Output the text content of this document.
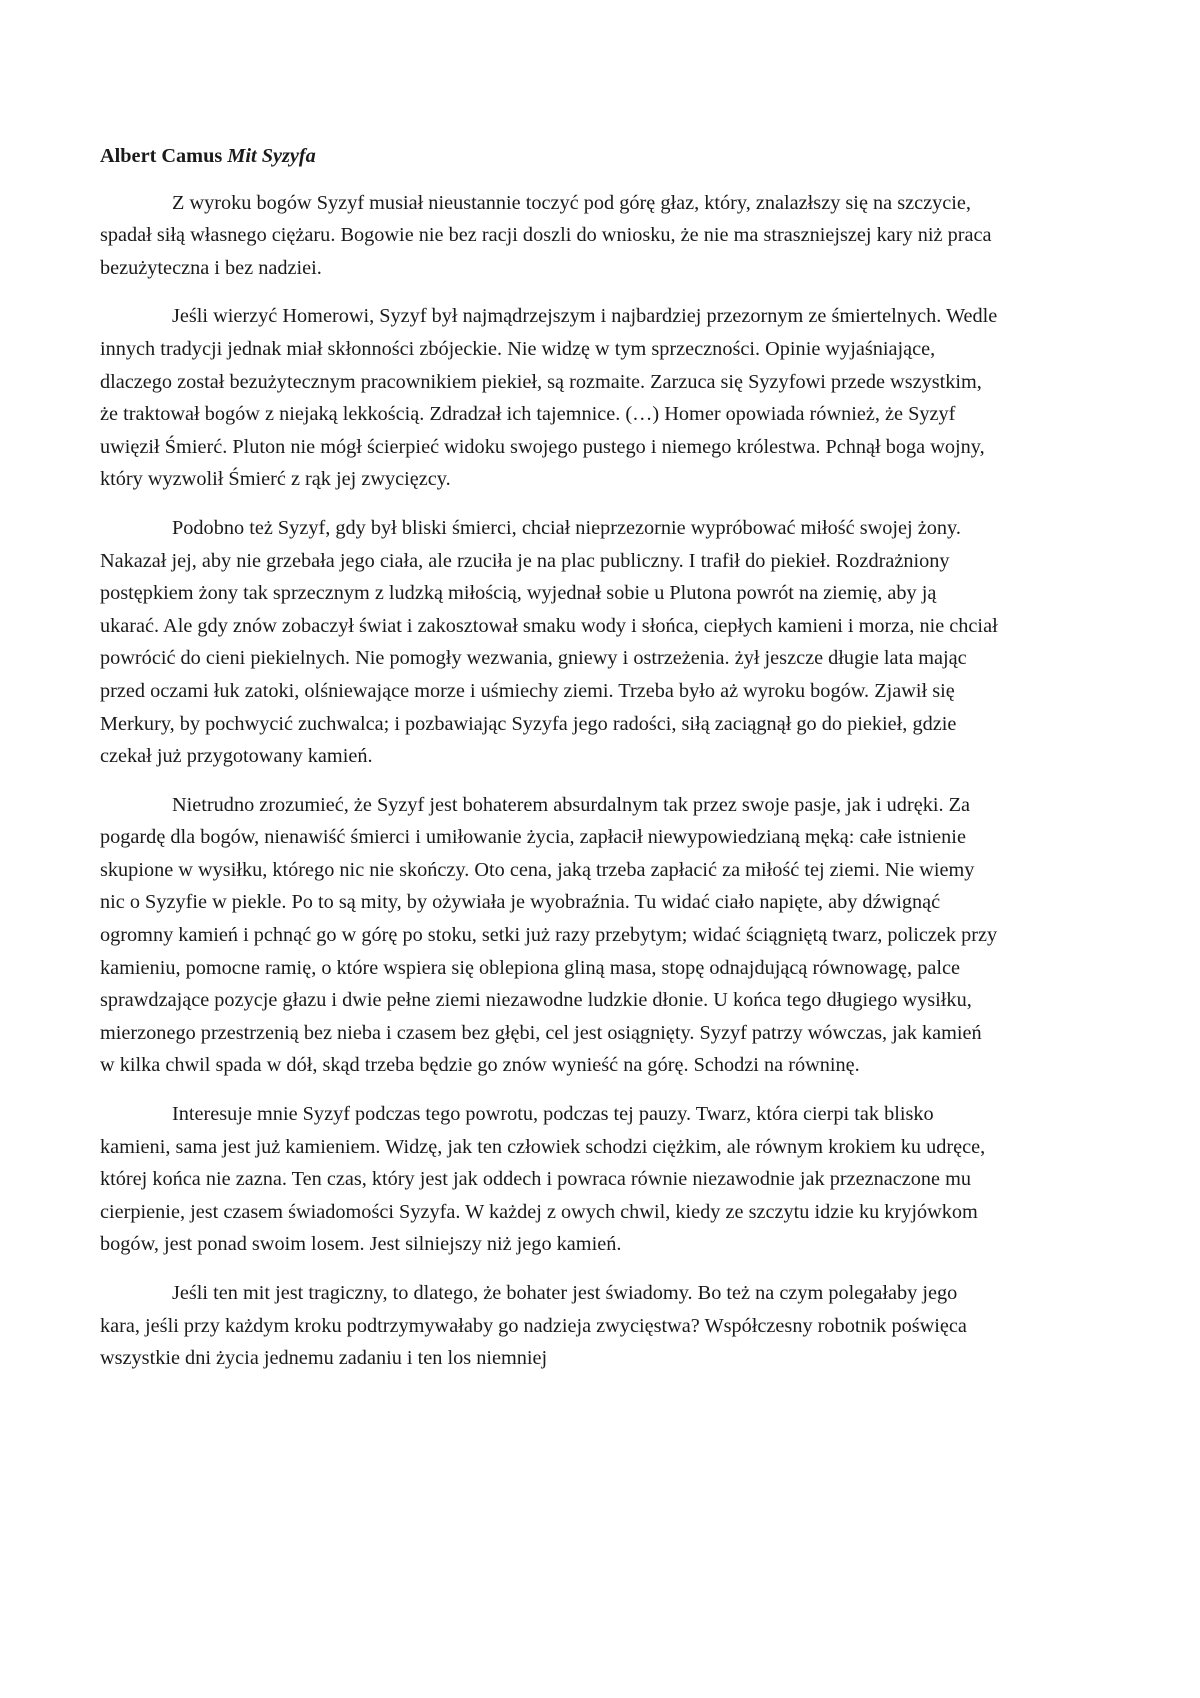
Albert Camus Mit Syzyfa

Z wyroku bogów Syzyf musiał nieustannie toczyć pod górę głaz, który, znalazłszy się na szczycie, spadał siłą własnego ciężaru. Bogowie nie bez racji doszli do wniosku, że nie ma straszniejszej kary niż praca bezużyteczna i bez nadziei.

Jeśli wierzyć Homerowi, Syzyf był najmądrzejszym i najbardziej przezornym ze śmiertelnych. Wedle innych tradycji jednak miał skłonności zbójeckie. Nie widzę w tym sprzeczności. Opinie wyjaśniające, dlaczego został bezużytecznym pracownikiem piekieł, są rozmaite. Zarzuca się Syzyfowi przede wszystkim, że traktował bogów z niejaką lekkością. Zdradzał ich tajemnice. (…) Homer opowiada również, że Syzyf uwięził Śmierć. Pluton nie mógł ścierpieć widoku swojego pustego i niemego królestwa. Pchnął boga wojny, który wyzwolił Śmierć z rąk jej zwycięzcy.

Podobno też Syzyf, gdy był bliski śmierci, chciał nieprzezornie wypróbować miłość swojej żony. Nakazał jej, aby nie grzebała jego ciała, ale rzuciła je na plac publiczny. I trafił do piekieł. Rozdrażniony postępkiem żony tak sprzecznym z ludzką miłością, wyjednał sobie u Plutona powrót na ziemię, aby ją ukarać. Ale gdy znów zobaczył świat i zakosztował smaku wody i słońca, ciepłych kamieni i morza, nie chciał powrócić do cieni piekielnych. Nie pomogły wezwania, gniewy i ostrzeżenia. żył jeszcze długie lata mając przed oczami łuk zatoki, olśniewające morze i uśmiechy ziemi. Trzeba było aż wyroku bogów. Zjawił się Merkury, by pochwycić zuchwalca; i pozbawiając Syzyfa jego radości, siłą zaciągnął go do piekieł, gdzie czekał już przygotowany kamień.

Nietrudno zrozumieć, że Syzyf jest bohaterem absurdalnym tak przez swoje pasje, jak i udręki. Za pogardę dla bogów, nienawiść śmierci i umiłowanie życia, zapłacił niewypowiedzianą męką: całe istnienie skupione w wysiłku, którego nic nie skończy. Oto cena, jaką trzeba zapłacić za miłość tej ziemi. Nie wiemy nic o Syzyfie w piekle. Po to są mity, by ożywiała je wyobraźnia. Tu widać ciało napięte, aby dźwignąć ogromny kamień i pchnąć go w górę po stoku, setki już razy przebytym; widać ściągniętą twarz, policzek przy kamieniu, pomocne ramię, o które wspiera się oblepiona gliną masa, stopę odnajdującą równowagę, palce sprawdzające pozycje głazu i dwie pełne ziemi niezawodne ludzkie dłonie. U końca tego długiego wysiłku, mierzonego przestrzenią bez nieba i czasem bez głębi, cel jest osiągnięty. Syzyf patrzy wówczas, jak kamień w kilka chwil spada w dół, skąd trzeba będzie go znów wynieść na górę. Schodzi na równinę.

Interesuje mnie Syzyf podczas tego powrotu, podczas tej pauzy. Twarz, która cierpi tak blisko kamieni, sama jest już kamieniem. Widzę, jak ten człowiek schodzi ciężkim, ale równym krokiem ku udręce, której końca nie zazna. Ten czas, który jest jak oddech i powraca równie niezawodnie jak przeznaczone mu cierpienie, jest czasem świadomości Syzyfa. W każdej z owych chwil, kiedy ze szczytu idzie ku kryjówkom bogów, jest ponad swoim losem. Jest silniejszy niż jego kamień.

Jeśli ten mit jest tragiczny, to dlatego, że bohater jest świadomy. Bo też na czym polegałaby jego kara, jeśli przy każdym kroku podtrzymywałaby go nadzieja zwycięstwa? Współczesny robotnik poświęca wszystkie dni życia jednemu zadaniu i ten los niemniej
